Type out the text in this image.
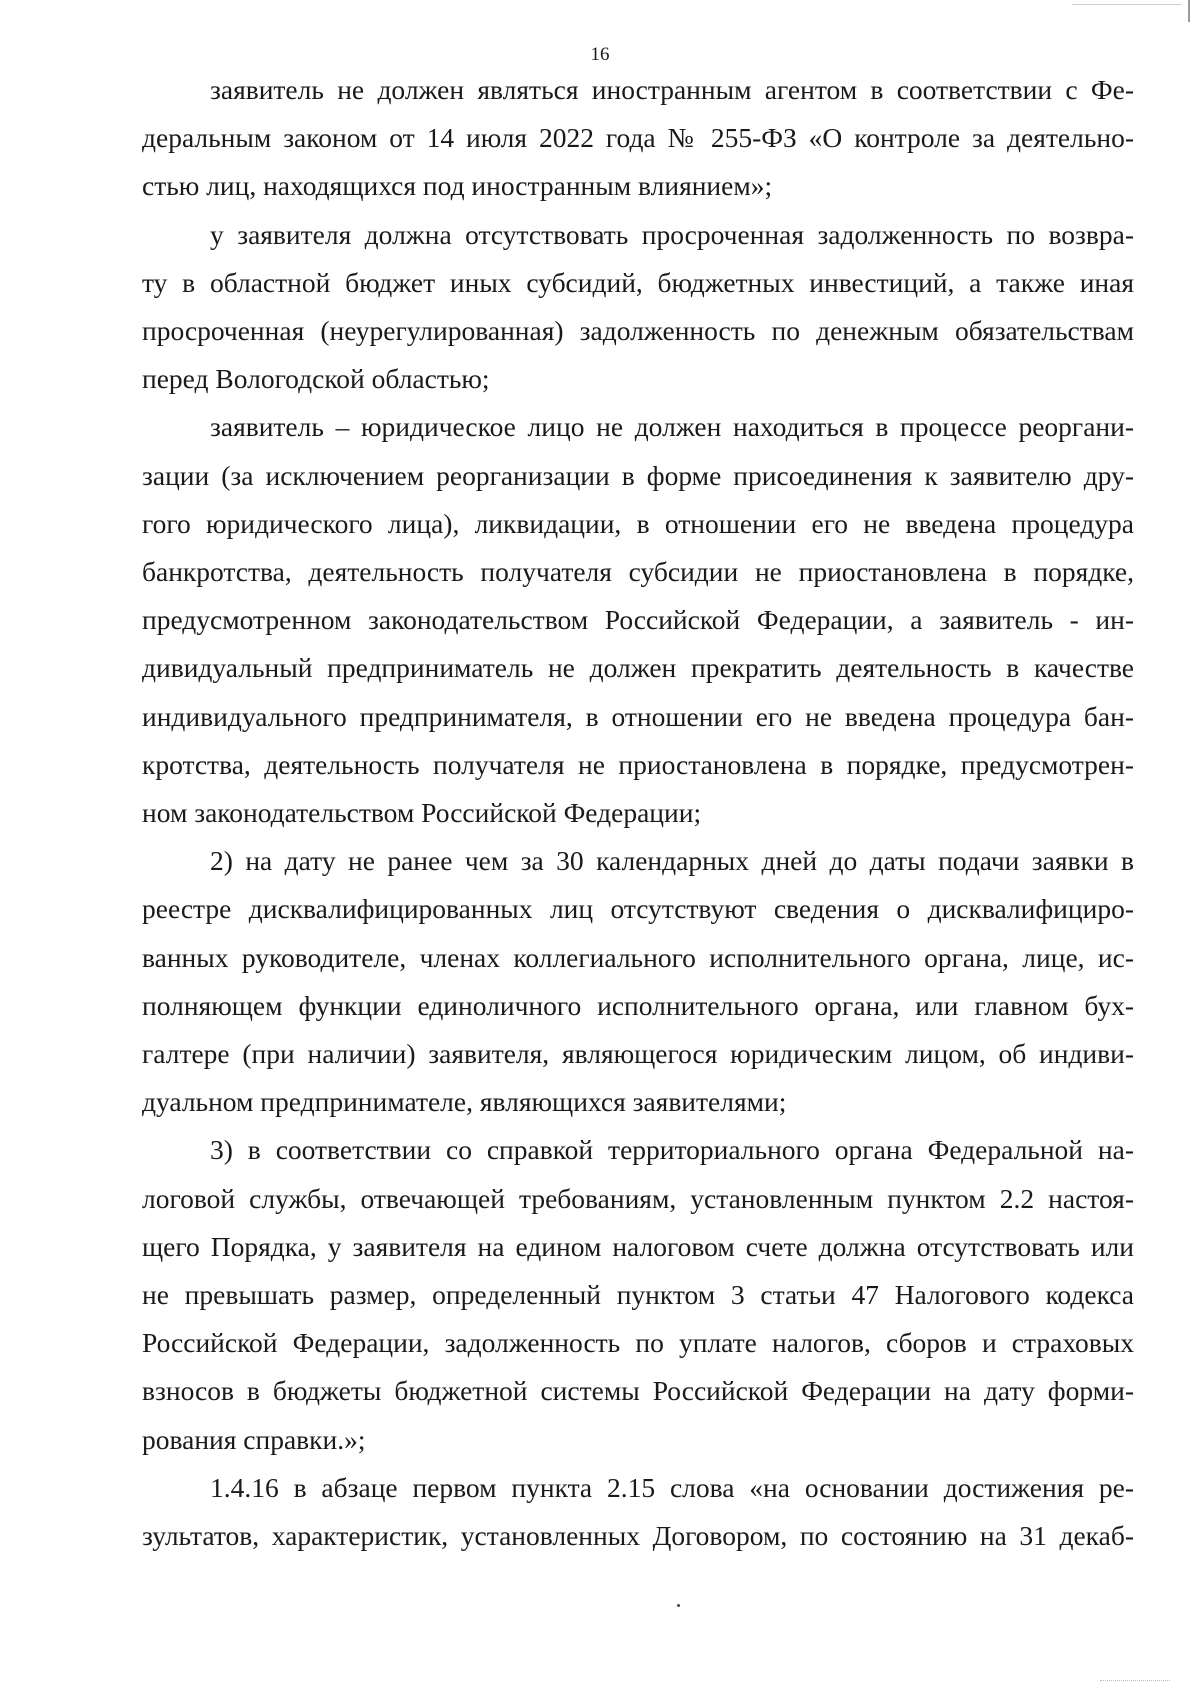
16
заявитель не должен являться иностранным агентом в соответствии с Фе-
деральным законом от 14 июля 2022 года № 255-ФЗ «О контроле за деятельно-
стью лиц, находящихся под иностранным влиянием»;
у заявителя должна отсутствовать просроченная задолженность по возвра-
ту в областной бюджет иных субсидий, бюджетных инвестиций, а также иная
просроченная (неурегулированная) задолженность по денежным обязательствам
перед Вологодской областью;
заявитель – юридическое лицо не должен находиться в процессе реоргани-
зации (за исключением реорганизации в форме присоединения к заявителю дру-
гого юридического лица), ликвидации, в отношении его не введена процедура
банкротства, деятельность получателя субсидии не приостановлена в порядке,
предусмотренном законодательством Российской Федерации, а заявитель - ин-
дивидуальный предприниматель не должен прекратить деятельность в качестве
индивидуального предпринимателя, в отношении его не введена процедура бан-
кротства, деятельность получателя не приостановлена в порядке, предусмотрен-
ном законодательством Российской Федерации;
2) на дату не ранее чем за 30 календарных дней до даты подачи заявки в
реестре дисквалифицированных лиц отсутствуют сведения о дисквалифициро-
ванных руководителе, членах коллегиального исполнительного органа, лице, ис-
полняющем функции единоличного исполнительного органа, или главном бух-
галтере (при наличии) заявителя, являющегося юридическим лицом, об индиви-
дуальном предпринимателе, являющихся заявителями;
3) в соответствии со справкой территориального органа Федеральной на-
логовой службы, отвечающей требованиям, установленным пунктом 2.2 настоя-
щего Порядка, у заявителя на едином налоговом счете должна отсутствовать или
не превышать размер, определенный пунктом 3 статьи 47 Налогового кодекса
Российской Федерации, задолженность по уплате налогов, сборов и страховых
взносов в бюджеты бюджетной системы Российской Федерации на дату форми-
рования справки.»;
1.4.16 в абзаце первом пункта 2.15 слова «на основании достижения ре-
зультатов, характеристик, установленных Договором, по состоянию на 31 декаб-
